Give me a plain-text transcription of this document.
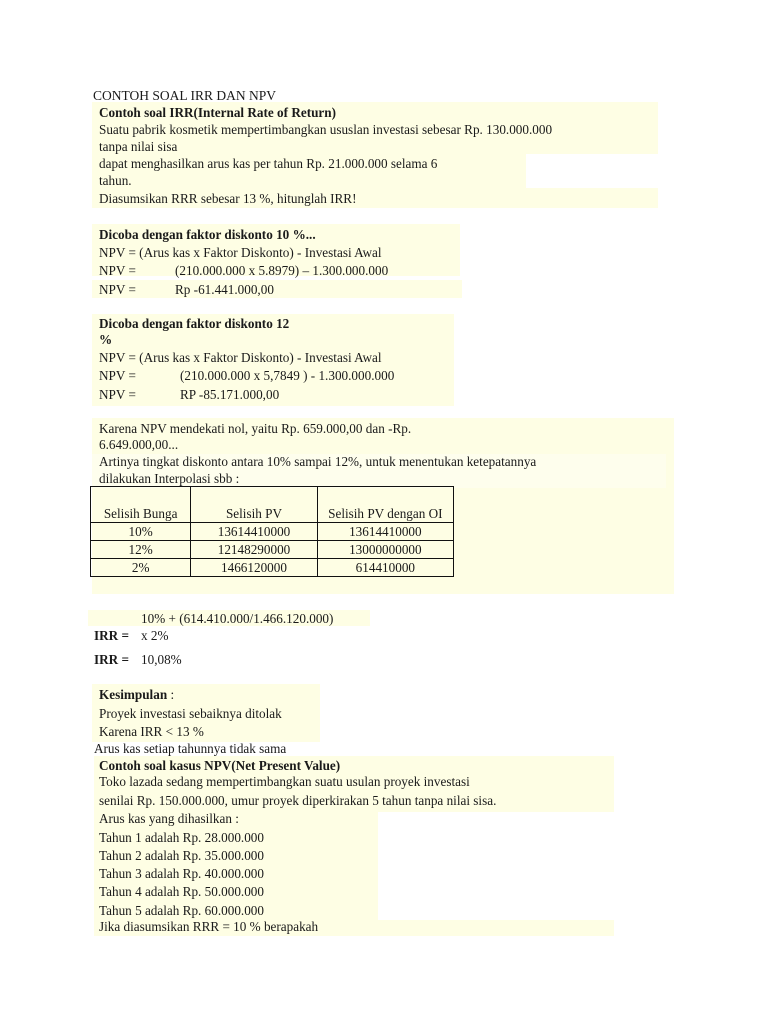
CONTOH SOAL IRR DAN NPV
Contoh soal IRR(Internal Rate of Return)
Suatu pabrik kosmetik mempertimbangkan ususlan investasi sebesar Rp. 130.000.000
tanpa nilai sisa
dapat menghasilkan arus kas per tahun Rp. 21.000.000 selama 6
tahun.
Diasumsikan RRR sebesar 13 %, hitunglah IRR!
Dicoba dengan faktor diskonto 10 %...
NPV = (Arus kas x Faktor Diskonto) - Investasi Awal
NPV =	(210.000.000 x 5.8979) – 1.300.000.000
NPV =	Rp -61.441.000,00
Dicoba dengan faktor diskonto 12
%
NPV = (Arus kas x Faktor Diskonto) - Investasi Awal
NPV =	(210.000.000 x 5,7849 ) - 1.300.000.000
NPV =	RP -85.171.000,00
Karena NPV mendekati nol, yaitu Rp. 659.000,00 dan -Rp.
6.649.000,00...
Artinya tingkat diskonto antara 10% sampai 12%, untuk menentukan ketepatannya
dilakukan Interpolasi sbb :
Selisih Bunga	Selisih PV	Selisih PV dengan OI
10%	13614410000	13614410000
12%	12148290000	13000000000
2%	1466120000	614410000
10% + (614.410.000/1.466.120.000)
IRR = x 2%
IRR = 10,08%
Kesimpulan :
Proyek investasi sebaiknya ditolak
Karena IRR < 13 %
Arus kas setiap tahunnya tidak sama
Contoh soal kasus NPV(Net Present Value)
Toko lazada sedang mempertimbangkan suatu usulan proyek investasi
senilai Rp. 150.000.000, umur proyek diperkirakan 5 tahun tanpa nilai sisa.
Arus kas yang dihasilkan :
Tahun 1 adalah Rp. 28.000.000
Tahun 2 adalah Rp. 35.000.000
Tahun 3 adalah Rp. 40.000.000
Tahun 4 adalah Rp. 50.000.000
Tahun 5 adalah Rp. 60.000.000
Jika diasumsikan RRR = 10 % berapakah
